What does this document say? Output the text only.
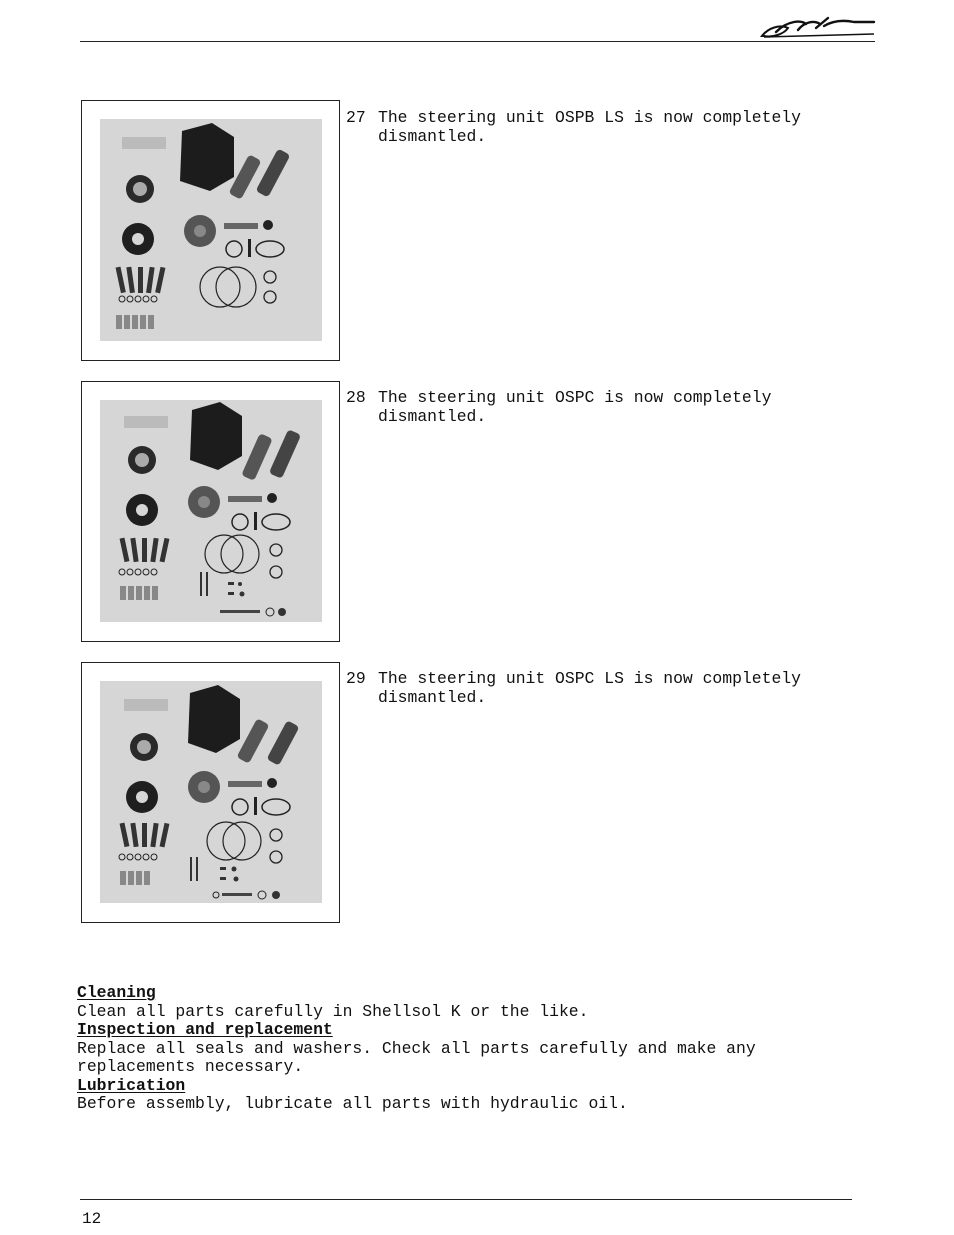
27 The steering unit OSPB LS is now completely
dismantled.
28 The steering unit OSPC is now completely
dismantled.
29 The steering unit OSPC LS is now completely
dismantled.

Cleaning

Clean all parts carefully in Shellsol K or the like.

Inspection and replacement

Replace all seals and washers. Check all parts carefully and make any
replacements necessary.

Lubrication

Before assembly, lubricate all parts with hydraulic oil.

12
